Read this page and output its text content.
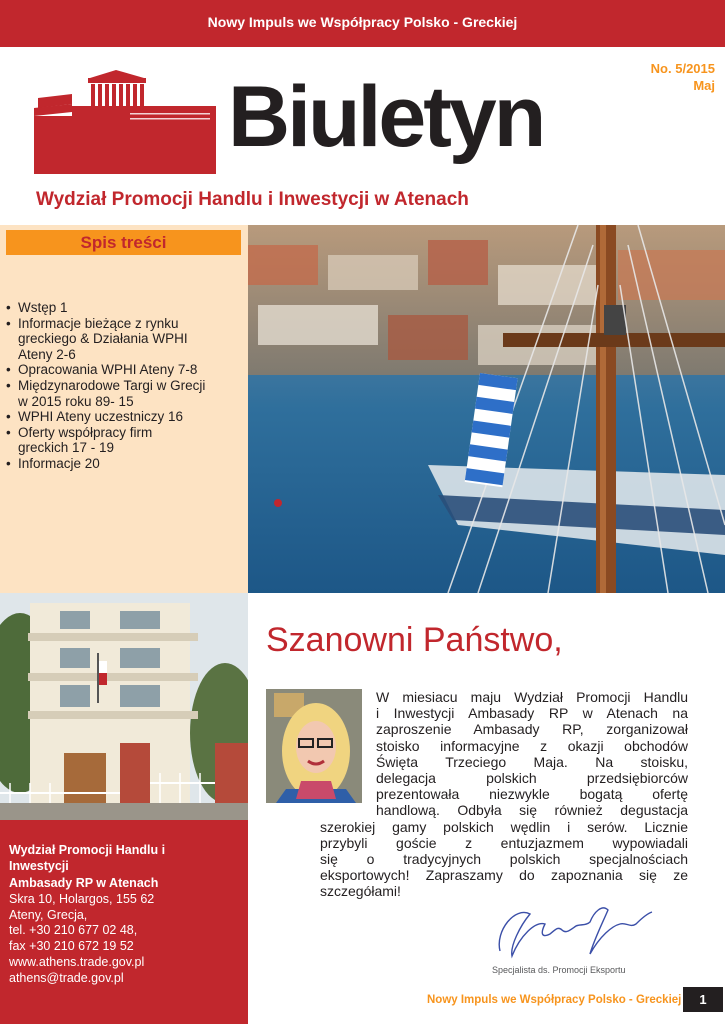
Nowy Impuls we Współpracy Polsko - Greckiej
Biuletyn
No. 5/2015
Maj
Wydział Promocji Handlu i Inwestycji w Atenach
Spis treści
• Wstęp 1
• Informacje bieżące z rynku
greckiego & Działania WPHI
Ateny 2-6
• Opracowania WPHI Ateny 7-8
• Międzynarodowe Targi w Grecji
w 2015 roku 89- 15
• WPHI Ateny uczestniczy 16
• Oferty współpracy firm
greckich 17 - 19
• Informacje 20
Wydział Promocji Handlu i
Inwestycji
Ambasady RP w Atenach
Skra 10, Holargos, 155 62
Ateny, Grecja,
tel. +30 210 677 02 48,
fax +30 210 672 19 52
www.athens.trade.gov.pl
athens@trade.gov.pl
Szanowni Państwo,
W miesiacu maju Wydział Promocji Handlu
i Inwestycji Ambasady RP w Atenach na
zaproszenie Ambasady RP, zorganizował
stoisko informacyjne z okazji obchodów
Święta Trzeciego Maja. Na stoisku,
delegacja polskich przedsiębiorców
prezentowała niezwykle bogatą ofertę
handlową. Odbyła się również degustacja
szerokiej gamy polskich wędlin i serów. Licznie
przybyli goście z entuzjazmem wypowiadali
się o tradycyjnych polskich specjalnościach
eksportowych! Zapraszamy do zapoznania się ze
szczegółami!
Specjalista ds. Promocji Eksportu
Nowy Impuls we Współpracy Polsko - Greckiej	1
